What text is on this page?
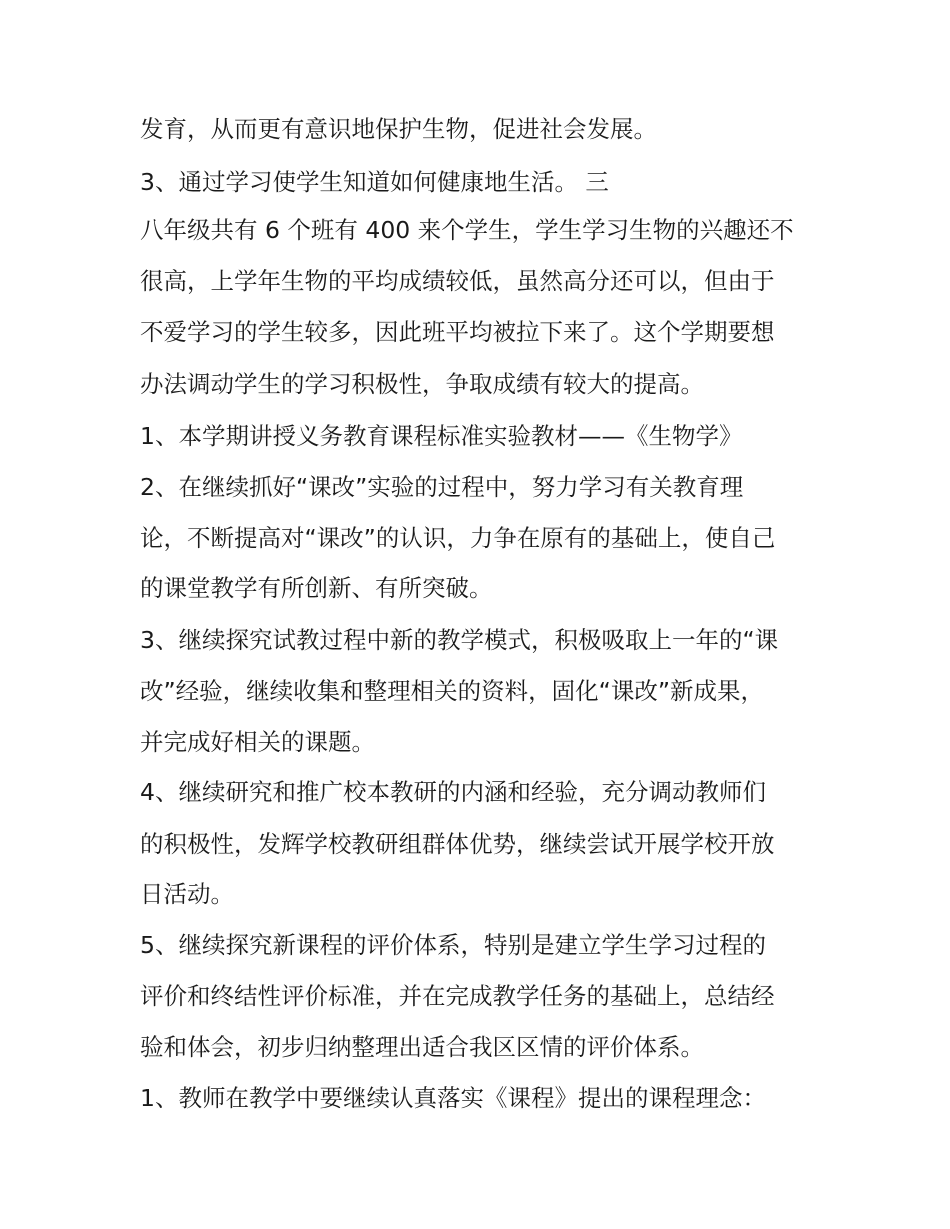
发育，从而更有意识地保护生物，促进社会发展。
3、通过学习使学生知道如何健康地生活。 三
八年级共有 6 个班有 400 来个学生，学生学习生物的兴趣还不
很高，上学年生物的平均成绩较低，虽然高分还可以，但由于
不爱学习的学生较多，因此班平均被拉下来了。这个学期要想
办法调动学生的学习积极性，争取成绩有较大的提高。
1、本学期讲授义务教育课程标准实验教材——《生物学》
2、在继续抓好“课改”实验的过程中，努力学习有关教育理
论，不断提高对“课改”的认识，力争在原有的基础上，使自己
的课堂教学有所创新、有所突破。
3、继续探究试教过程中新的教学模式，积极吸取上一年的“课
改”经验，继续收集和整理相关的资料，固化“课改”新成果，
并完成好相关的课题。
4、继续研究和推广校本教研的内涵和经验，充分调动教师们
的积极性，发辉学校教研组群体优势，继续尝试开展学校开放
日活动。
5、继续探究新课程的评价体系，特别是建立学生学习过程的
评价和终结性评价标准，并在完成教学任务的基础上，总结经
验和体会，初步归纳整理出适合我区区情的评价体系。
1、教师在教学中要继续认真落实《课程》提出的课程理念：
